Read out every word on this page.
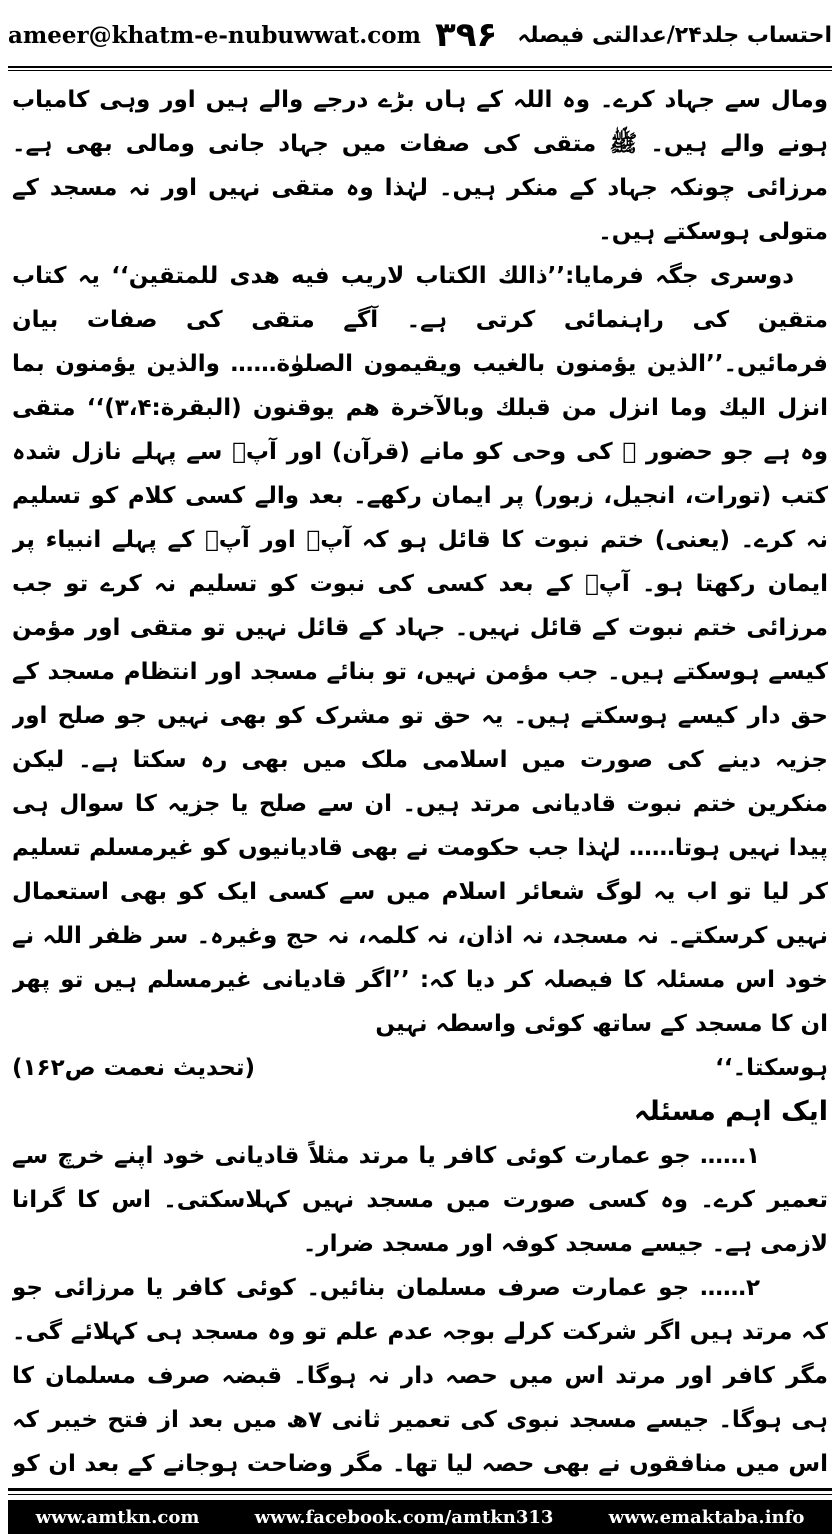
ameer@khatm-e-nubuwwat.com ۳۹۶ احتساب جلد۲۴/عدالتی فیصلہ

ومال سے جہاد کرے۔ وہ اللہ کے ہاں بڑے درجے والے ہیں اور وہی کامیاب ہونے والے ہیں۔ ﷺ متقی کی صفات میں جہاد جانی ومالی بھی ہے۔ مرزائی چونکہ جہاد کے منکر ہیں۔ لہٰذا وہ متقی نہیں اور نہ مسجد کے متولی ہوسکتے ہیں۔

دوسری جگہ فرمایا:’’ذالك الكتاب لاريب فيه هدى للمتقين‘‘ یہ کتاب متقین کی راہنمائی کرتی ہے۔ آگے متقی کی صفات بیان فرمائیں۔’’الذين يؤمنون بالغيب ويقيمون الصلوٰة…… والذين يؤمنون بما انزل اليك وما انزل من قبلك وبالآخرة هم يوقنون (البقرة:۳،۴)‘‘ متقی وہ ہے جو حضور ﷺ کی وحی کو مانے (قرآن) اور آپؐ سے پہلے نازل شدہ کتب (تورات، انجیل، زبور) پر ایمان رکھے۔ بعد والے کسی کلام کو تسلیم نہ کرے۔ (یعنی) ختم نبوت کا قائل ہو کہ آپؐ اور آپؐ کے پہلے انبیاء پر ایمان رکھتا ہو۔ آپؐ کے بعد کسی کی نبوت کو تسلیم نہ کرے تو جب مرزائی ختم نبوت کے قائل نہیں۔ جہاد کے قائل نہیں تو متقی اور مؤمن کیسے ہوسکتے ہیں۔ جب مؤمن نہیں، تو بنائے مسجد اور انتظام مسجد کے حق دار کیسے ہوسکتے ہیں۔ یہ حق تو مشرک کو بھی نہیں جو صلح اور جزیہ دینے کی صورت میں اسلامی ملک میں بھی رہ سکتا ہے۔ لیکن منکرین ختم نبوت قادیانی مرتد ہیں۔ ان سے صلح یا جزیہ کا سوال ہی پیدا نہیں ہوتا…… لہٰذا جب حکومت نے بھی قادیانیوں کو غیرمسلم تسلیم کر لیا تو اب یہ لوگ شعائر اسلام میں سے کسی ایک کو بھی استعمال نہیں کرسکتے۔ نہ مسجد، نہ اذان، نہ کلمہ، نہ حج وغیرہ۔ سر ظفر اللہ نے خود اس مسئلہ کا فیصلہ کر دیا کہ: ’’اگر قادیانی غیرمسلم ہیں تو پھر ان کا مسجد کے ساتھ کوئی واسطہ نہیں

ہوسکتا۔‘‘
(تحدیث نعمت ص۱۶۲)

ایک اہم مسئلہ

۱…… جو عمارت کوئی کافر یا مرتد مثلاً قادیانی خود اپنے خرچ سے تعمیر کرے۔ وہ کسی صورت میں مسجد نہیں کہلاسکتی۔ اس کا گرانا لازمی ہے۔ جیسے مسجد کوفہ اور مسجد ضرار۔

۲…… جو عمارت صرف مسلمان بنائیں۔ کوئی کافر یا مرزائی جو کہ مرتد ہیں اگر شرکت کرلے بوجہ عدم علم تو وہ مسجد ہی کہلائے گی۔ مگر کافر اور مرتد اس میں حصہ دار نہ ہوگا۔ قبضہ صرف مسلمان کا ہی ہوگا۔ جیسے مسجد نبوی کی تعمیر ثانی ۷ھ میں بعد از فتح خیبر کہ اس میں منافقوں نے بھی حصہ لیا تھا۔ مگر وضاحت ہوجانے کے بعد ان کو

www.amtkn.com	www.facebook.com/amtkn313	www.emaktaba.info
